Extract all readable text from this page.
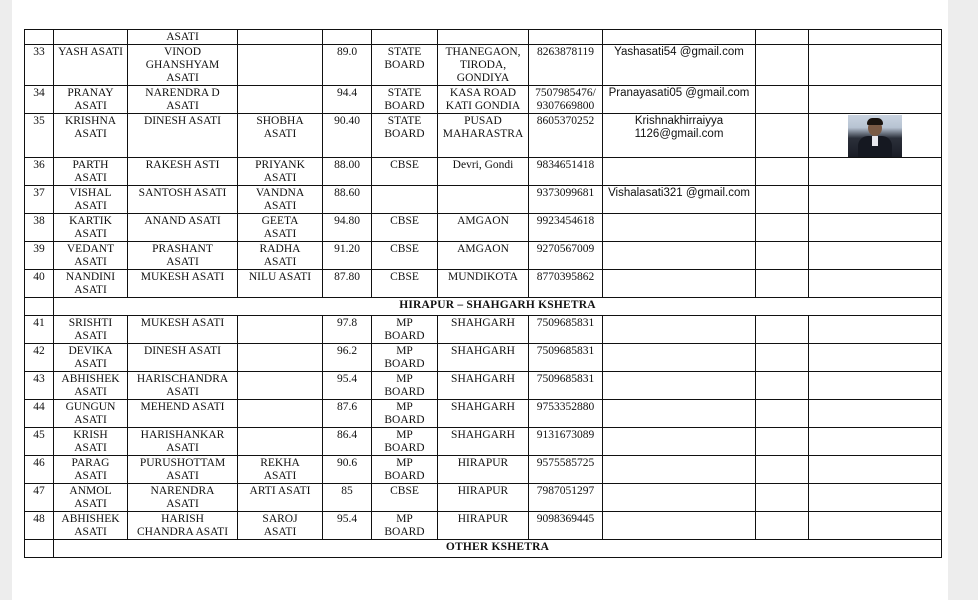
		ASATI								
33	YASH ASATI	VINOD
GHANSHYAM
ASATI		89.0	STATE
BOARD	THANEGAON,
TIRODA,
GONDIYA	8263878119	Yashasati54 @gmail.com		
34	PRANAY
ASATI	NARENDRA D
ASATI		94.4	STATE
BOARD	KASA ROAD
KATI GONDIA	7507985476/
9307669800	Pranayasati05 @gmail.com		
35	KRISHNA
ASATI	DINESH ASATI	SHOBHA
ASATI	90.40	STATE
BOARD	PUSAD
MAHARASTRA	8605370252	Krishnakhirraiyya
1126@gmail.com		

36	PARTH ASATI	RAKESH ASTI	PRIYANK
ASATI	88.00	CBSE	Devri, Gondi	9834651418			
37	VISHAL
ASATI	SANTOSH ASATI	VANDNA
ASATI	88.60			9373099681	Vishalasati321 @gmail.com		
38	KARTIK
ASATI	ANAND ASATI	GEETA
ASATI	94.80	CBSE	AMGAON	9923454618			
39	VEDANT
ASATI	PRASHANT
ASATI	RADHA
ASATI	91.20	CBSE	AMGAON	9270567009			
40	NANDINI
ASATI	MUKESH ASATI	NILU ASATI	87.80	CBSE	MUNDIKOTA	8770395862			
	HIRAPUR – SHAHGARH KSHETRA									
41	SRISHTI
ASATI	MUKESH ASATI		97.8	MP
BOARD	SHAHGARH	7509685831			
42	DEVIKA
ASATI	DINESH ASATI		96.2	MP
BOARD	SHAHGARH	7509685831			
43	ABHISHEK
ASATI	HARISCHANDRA
ASATI		95.4	MP
BOARD	SHAHGARH	7509685831			
44	GUNGUN
ASATI	MEHEND ASATI		87.6	MP
BOARD	SHAHGARH	9753352880			
45	KRISH ASATI	HARISHANKAR
ASATI		86.4	MP
BOARD	SHAHGARH	9131673089			
46	PARAG
ASATI	PURUSHOTTAM
ASATI	REKHA
ASATI	90.6	MP
BOARD	HIRAPUR	9575585725			
47	ANMOL
ASATI	NARENDRA
ASATI	ARTI ASATI	85	CBSE	HIRAPUR	7987051297			
48	ABHISHEK
ASATI	HARISH
CHANDRA ASATI	SAROJ
ASATI	95.4	MP
BOARD	HIRAPUR	9098369445			
	OTHER KSHETRA									
